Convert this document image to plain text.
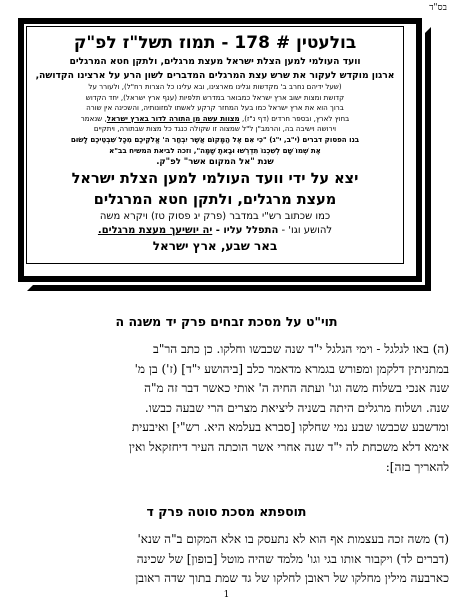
בס"ד
בולעטין # 178 - תמוז תשל"ז לפ"ק
וועד העולמי למען הצלת ישראל מעצת מרגלים, ולתקן חטא המרגלים
ארגון מוקדש לעקור את שרש עצת המרגלים המדברים לשון הרע על ארצינו הקדושה,
(שעל ידיהם נחרב ב' מקדשות וגלינו מארצינו, ובא עלינו כל הצרות רח"ל), ולעורר על
קדושת ומצות ישוב ארץ ישראל כמבואר במדרש תלפיות (ענף ארץ ישראל), יחד הקדוש
ברוך הוא את ארץ ישראל כמו בעל המחזר קרקע לאשתו למזונותיה, והשכינה אין שורה
בחוץ לארץ, ובספר חרדים (דף נ"ז), מצוות עשה מן התורה לדור בארץ ישראל, שנאמר
וירושה וישיבה בה, והרמב"ן ל"ל שמצוה זו שקולה כנגד כל מצות שבתורה, ויתקיים
בנו הפסוק דברים (י"ב, י"ג) "כִּי אִם אֶל הַמָּקוֹם אֲשֶׁר יִבְחַר ה' אֱלֹקֵיכֶם מִכָּל שִׁבְטֵיכֶם לָשׂוּם
אֶת שְׁמוֹ שָׁם לְשִׁכְנוֹ תִדְרְשׁוּ וּבָאתָ שָׁמָּה", וזכה לביאת המשיח בב"א
שנת "אל המקום אשר" לפ"ק.
יצא על ידי וועד העולמי למען הצלת ישראל
מעצת מרגלים, ולתקן חטא המרגלים
כמו שכתוב רש"י במדבר (פרק יג פסוק טז) ויקרא משה
להושע וגו' - התפלל עליו - יה יושיעך מעצת מרגלים.
באר שבע, ארץ ישראל
תוי"ט על מסכת זבחים פרק יד משנה ה
(ה) באו לגלגל - וימי הגלגל י"ד שנה שכבשו וחלקו. כן כתב הר"ב
במתניתין דלקמן ומפורש בגמרא מדאמר כלב [ביהושע י"ד] (ז') בן מ'
שנה אנכי בשלוח משה וגו' ועתה החיה ה' אותי כאשר דבר זה מ"ה
שנה. ושלוח מרגלים היתה בשניה ליציאת מצרים הרי שבעה כבשו.
ומדשבע שכבשו שבע נמי שחלקו [סברא בעלמא היא. רש"י] ואיבעית
אימא דלא משכחת לה י"ד שנה אחרי אשר הוכתה העיר דיחזקאל ואין
להאריך בזה]:
תוספתא מסכת סוטה פרק ד
(ד) משה זכה בעצמות אף הוא לא נתעסק בו אלא המקום ב"ה שנא'
(דברים לד) ויקבור אותו בגי וגו' מלמד שהיה מוטל [בופון] של שכינה
כארבעה מילין מחלקו של ראובן לחלקו של גד שמת בתוך שדה ראובן
1
